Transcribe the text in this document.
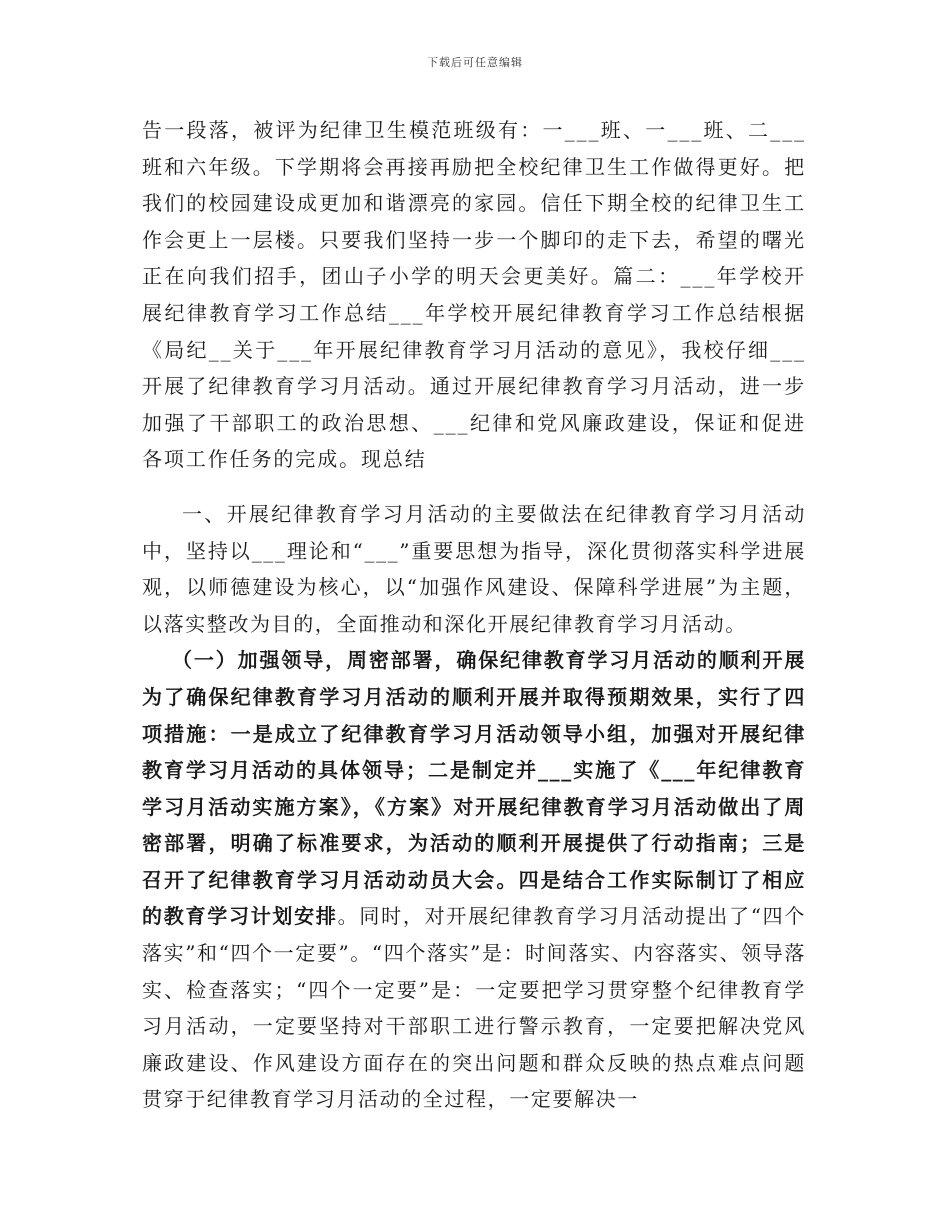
下载后可任意编辑

告一段落，被评为纪律卫生模范班级有：一___班、一___班、二___班和六年级。下学期将会再接再励把全校纪律卫生工作做得更好。把我们的校园建设成更加和谐漂亮的家园。信任下期全校的纪律卫生工作会更上一层楼。只要我们坚持一步一个脚印的走下去，希望的曙光正在向我们招手，团山子小学的明天会更美好。篇二：___年学校开展纪律教育学习工作总结___年学校开展纪律教育学习工作总结根据《局纪__关于___年开展纪律教育学习月活动的意见》，我校仔细___开展了纪律教育学习月活动。通过开展纪律教育学习月活动，进一步加强了干部职工的政治思想、___纪律和党风廉政建设，保证和促进各项工作任务的完成。现总结

一、开展纪律教育学习月活动的主要做法在纪律教育学习月活动中，坚持以___理论和“___”重要思想为指导，深化贯彻落实科学进展观，以师德建设为核心，以“加强作风建设、保障科学进展”为主题，以落实整改为目的，全面推动和深化开展纪律教育学习月活动。

（一）加强领导，周密部署，确保纪律教育学习月活动的顺利开展为了确保纪律教育学习月活动的顺利开展并取得预期效果，实行了四项措施：一是成立了纪律教育学习月活动领导小组，加强对开展纪律教育学习月活动的具体领导；二是制定并___实施了《___年纪律教育学习月活动实施方案》，《方案》对开展纪律教育学习月活动做出了周密部署，明确了标准要求，为活动的顺利开展提供了行动指南；三是召开了纪律教育学习月活动动员大会。四是结合工作实际制订了相应的教育学习计划安排。同时，对开展纪律教育学习月活动提出了“四个落实”和“四个一定要”。“四个落实”是：时间落实、内容落实、领导落实、检查落实；“四个一定要”是：一定要把学习贯穿整个纪律教育学习月活动，一定要坚持对干部职工进行警示教育，一定要把解决党风廉政建设、作风建设方面存在的突出问题和群众反映的热点难点问题贯穿于纪律教育学习月活动的全过程，一定要解决一
